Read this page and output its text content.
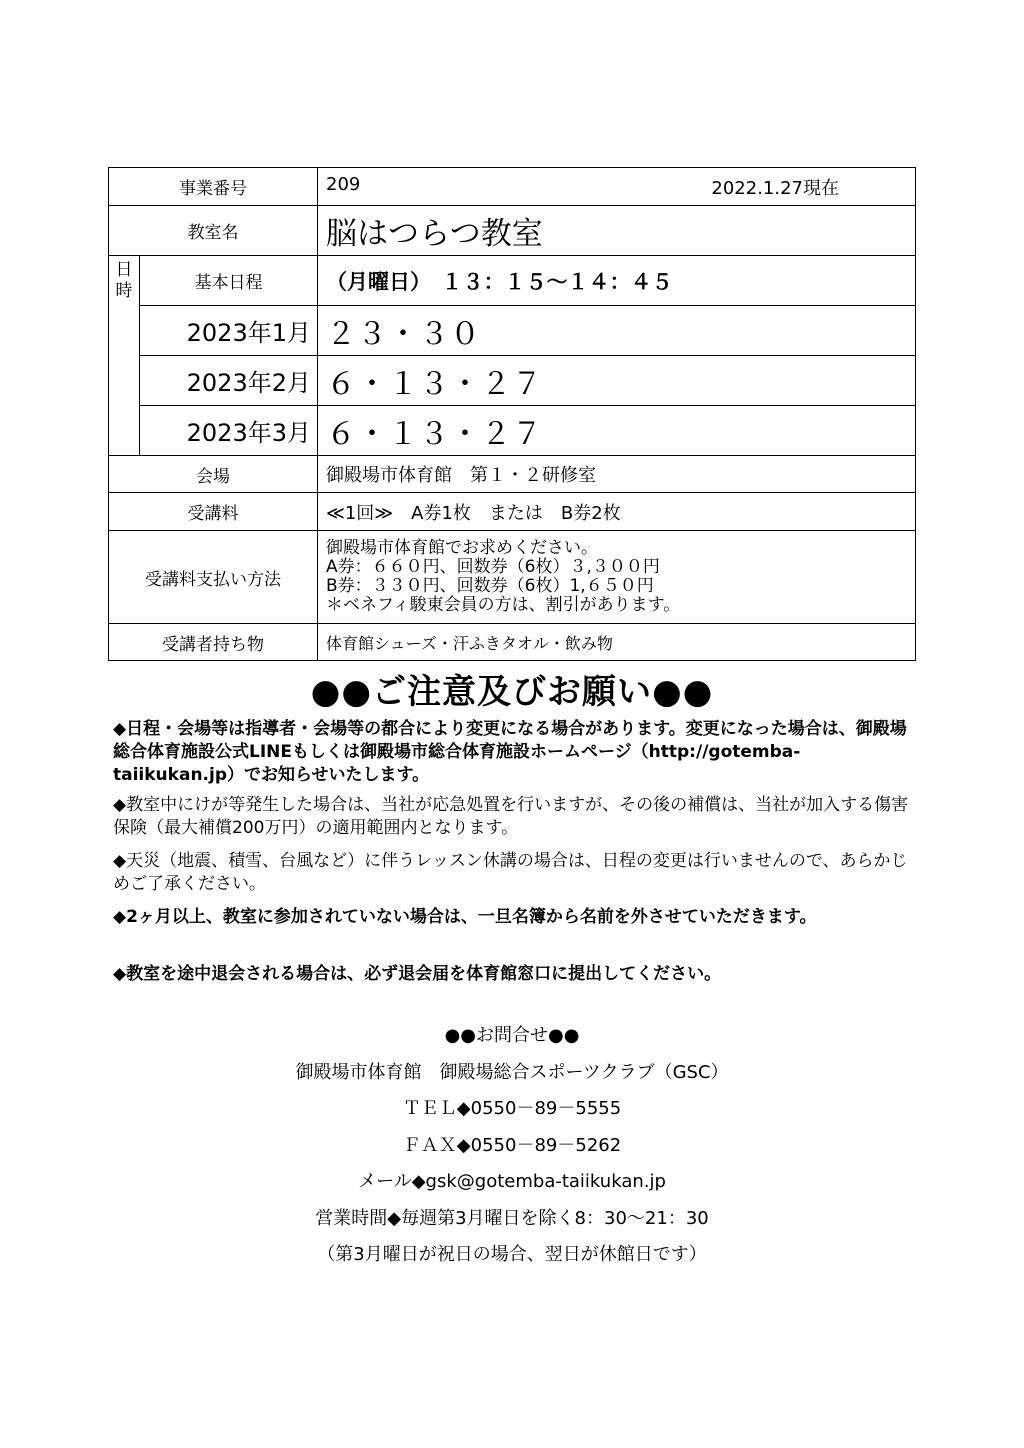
事業番号		209 2022.1.27現在

教室名		脳はつらつ教室

日
時	基本日程	（月曜日）　１３：１５～１４：４５
	2023年1月	２３・３０
	2023年2月	６・１３・２７
	2023年3月	６・１３・２７
会場		御殿場市体育館　第１・２研修室
受講料		≪1回≫　A券1枚　または　B券2枚
受講料支払い方法		御殿場市体育館でお求めください。
A券：６６０円、回数券（6枚）３,３００円
B券：３３０円、回数券（6枚）1,６５０円
＊ベネフィ駿東会員の方は、割引があります。

受講者持ち物		体育館シューズ・汗ふきタオル・飲み物
●●ご注意及びお願い●●

◆日程・会場等は指導者・会場等の都合により変更になる場合があります。変更になった場合は、御殿場総合体育施設公式LINEもしくは御殿場市総合体育施設ホームページ（http://gotemba-taiikukan.jp）でお知らせいたします。

◆教室中にけが等発生した場合は、当社が応急処置を行いますが、その後の補償は、当社が加入する傷害保険（最大補償200万円）の適用範囲内となります。

◆天災（地震、積雪、台風など）に伴うレッスン休講の場合は、日程の変更は行いませんので、あらかじめご了承ください。

◆2ヶ月以上、教室に参加されていない場合は、一旦名簿から名前を外させていただきます。

◆教室を途中退会される場合は、必ず退会届を体育館窓口に提出してください。

●●お問合せ●●
御殿場市体育館　御殿場総合スポーツクラブ（GSC）
ＴＥＬ◆0550－89－5555
ＦＡＸ◆0550－89－5262
メール◆gsk@gotemba-taiikukan.jp
営業時間◆毎週第3月曜日を除く8：30～21：30
（第3月曜日が祝日の場合、翌日が休館日です）
